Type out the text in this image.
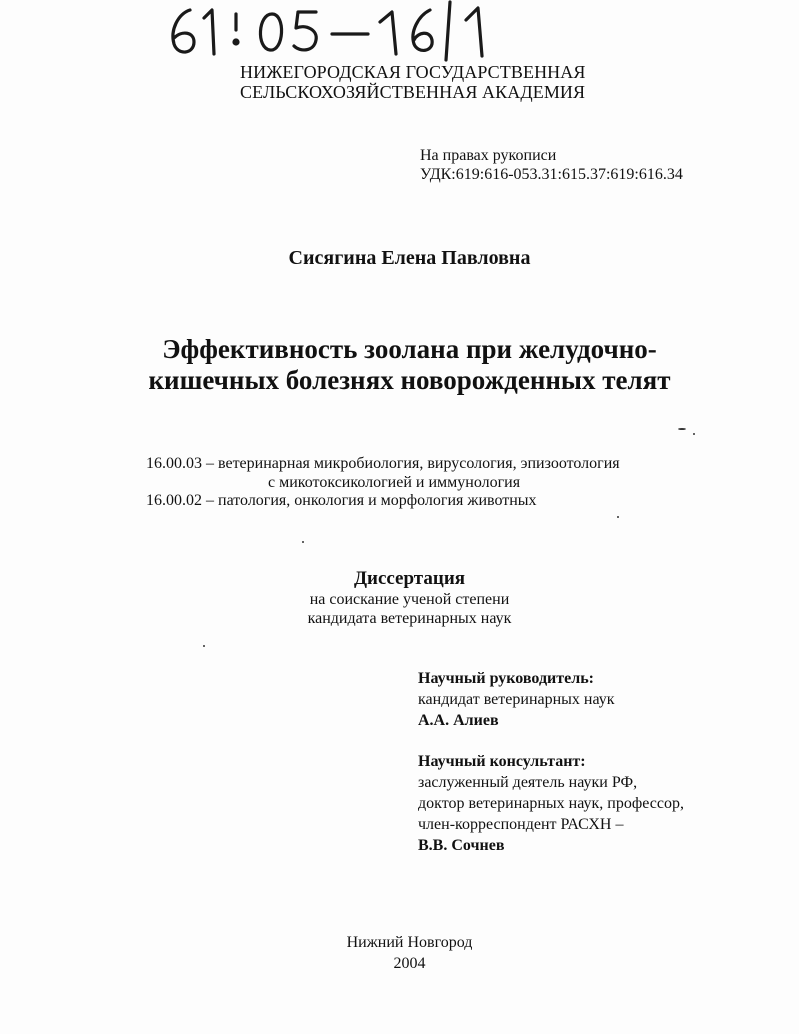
НИЖЕГОРОДСКАЯ ГОСУДАРСТВЕННАЯ
СЕЛЬСКОХОЗЯЙСТВЕННАЯ АКАДЕМИЯ
На правах рукописи
УДК:619:616-053.31:615.37:619:616.34
Сисягина Елена Павловна
Эффективность зоолана при желудочно-
кишечных болезнях новорожденных телят
16.00.03 – ветеринарная микробиология, вирусология, эпизоотология
с микотоксикологией и иммунология
16.00.02 – патология, онкология и морфология животных
Диссертация
на соискание ученой степени
кандидата ветеринарных наук
Научный руководитель:
кандидат ветеринарных наук
А.А. Алиев
Научный консультант:
заслуженный деятель науки РФ,
доктор ветеринарных наук, профессор,
член-корреспондент РАСХН –
В.В. Сочнев
Нижний Новгород
2004
